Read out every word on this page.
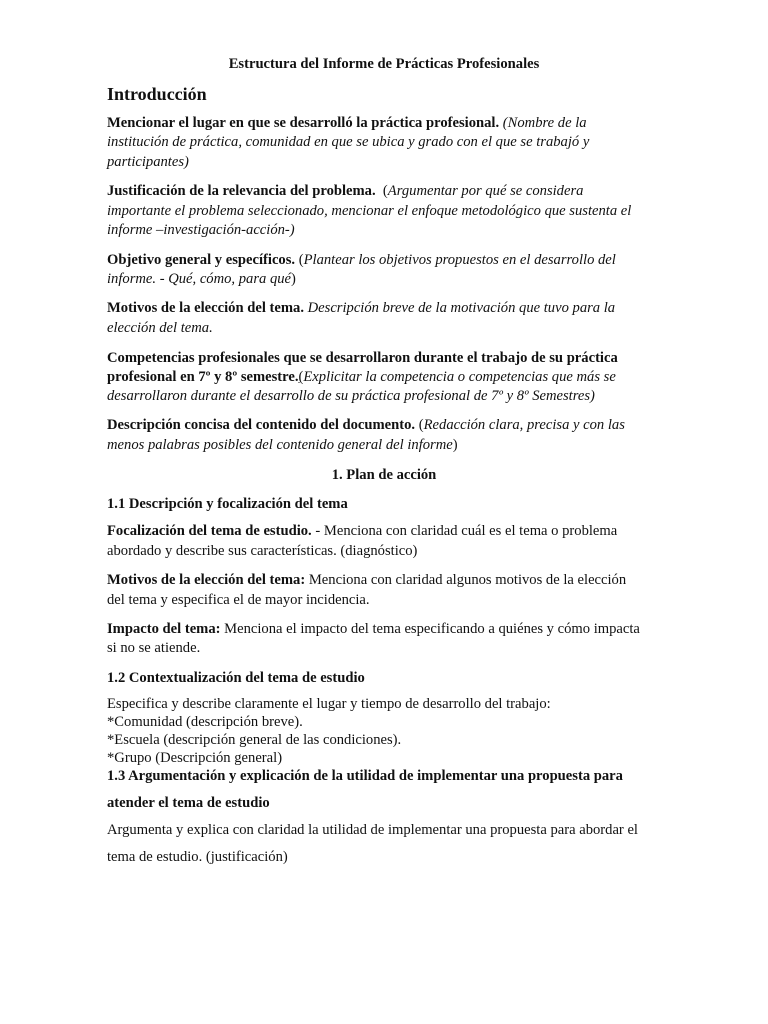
Estructura del Informe de Prácticas Profesionales
Introducción
Mencionar el lugar en que se desarrolló la práctica profesional. (Nombre de la
institución de práctica, comunidad en que se ubica y grado con el que se trabajó y
participantes)
Justificación de la relevancia del problema. (Argumentar por qué se considera
importante el problema seleccionado, mencionar el enfoque metodológico que sustenta el
informe –investigación-acción-)
Objetivo general y específicos. (Plantear los objetivos propuestos en el desarrollo del
informe. - Qué, cómo, para qué)
Motivos de la elección del tema. Descripción breve de la motivación que tuvo para la
elección del tema.
Competencias profesionales que se desarrollaron durante el trabajo de su práctica
profesional en 7º y 8º semestre.(Explicitar la competencia o competencias que más se
desarrollaron durante el desarrollo de su práctica profesional de 7º y 8º Semestres)
Descripción concisa del contenido del documento. (Redacción clara, precisa y con las
menos palabras posibles del contenido general del informe)
1. Plan de acción
1.1 Descripción y focalización del tema
Focalización del tema de estudio. - Menciona con claridad cuál es el tema o problema
abordado y describe sus características. (diagnóstico)
Motivos de la elección del tema: Menciona con claridad algunos motivos de la elección
del tema y especifica el de mayor incidencia.
Impacto del tema: Menciona el impacto del tema especificando a quiénes y cómo impacta
si no se atiende.
1.2 Contextualización del tema de estudio
Especifica y describe claramente el lugar y tiempo de desarrollo del trabajo:
*Comunidad (descripción breve).
*Escuela (descripción general de las condiciones).
*Grupo (Descripción general)
1.3 Argumentación y explicación de la utilidad de implementar una propuesta para
atender el tema de estudio
Argumenta y explica con claridad la utilidad de implementar una propuesta para abordar el
tema de estudio. (justificación)
